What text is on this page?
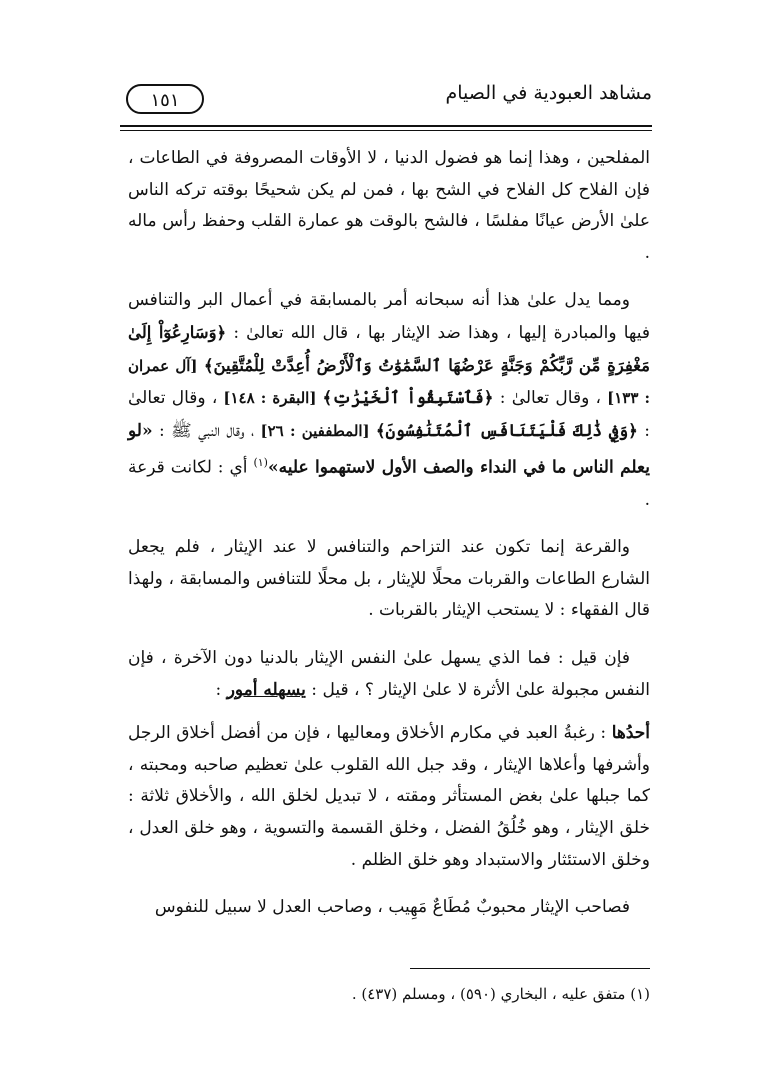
مشاهد العبودية في الصيام
١٥١

المفلحين ، وهذا إنما هو فضول الدنيا ، لا الأوقات المصروفة في الطاعات ، فإن الفلاح كل الفلاح في الشح بها ، فمن لم يكن شحيحًا بوقته تركه الناس علىٰ الأرض عيانًا مفلسًا ، فالشح بالوقت هو عمارة القلب وحفظ رأس ماله .

ومما يدل علىٰ هذا أنه سبحانه أمر بالمسابقة في أعمال البر والتنافس فيها والمبادرة إليها ، وهذا ضد الإيثار بها ، قال الله تعالىٰ : ﴿وَسَارِعُوٓاْ إِلَىٰ مَغْفِرَةٍ مِّن رَّبِّكُمْ وَجَنَّةٍ عَرْضُهَا ٱلسَّمَٰوَٰتُ وَٱلْأَرْضُ أُعِدَّتْ لِلْمُتَّقِينَ﴾ [آل عمران : ١٣٣] ، وقال تعالىٰ : ﴿فَٱسْتَبِقُواْ ٱلْخَيْرَٰتِ﴾ [البقرة : ١٤٨] ، وقال تعالىٰ : ﴿وَفِي ذَٰلِكَ فَلْيَتَنَافَسِ ٱلْمُتَنَٰفِسُونَ﴾ [المطففين : ٢٦] ، وقال النبي ﷺ : «لو يعلم الناس ما في النداء والصف الأول لاستهموا عليه»$^{(١)}$ أي : لكانت قرعة .

والقرعة إنما تكون عند التزاحم والتنافس لا عند الإيثار ، فلم يجعل الشارع الطاعات والقربات محلًا للإيثار ، بل محلًا للتنافس والمسابقة ، ولهذا قال الفقهاء : لا يستحب الإيثار بالقربات .

فإن قيل : فما الذي يسهل علىٰ النفس الإيثار بالدنيا دون الآخرة ، فإن النفس مجبولة علىٰ الأثرة لا علىٰ الإيثار ؟ ، قيل : يسهله أمور :

أحدُها : رغبةُ العبد في مكارم الأخلاق ومعاليها ، فإن من أفضل أخلاق الرجل وأشرفها وأعلاها الإيثار ، وقد جبل الله القلوب علىٰ تعظيم صاحبه ومحبته ، كما جبلها علىٰ بغض المستأثر ومقته ، لا تبديل لخلق الله ، والأخلاق ثلاثة : خلق الإيثار ، وهو خُلُقُ الفضل ، وخلق القسمة والتسوية ، وهو خلق العدل ، وخلق الاستئثار والاستبداد وهو خلق الظلم .

فصاحب الإيثار محبوبٌ مُطَاعٌ مَهِيب ، وصاحب العدل لا سبيل للنفوس

(١) متفق عليه ، البخاري (٥٩٠) ، ومسلم (٤٣٧) .
